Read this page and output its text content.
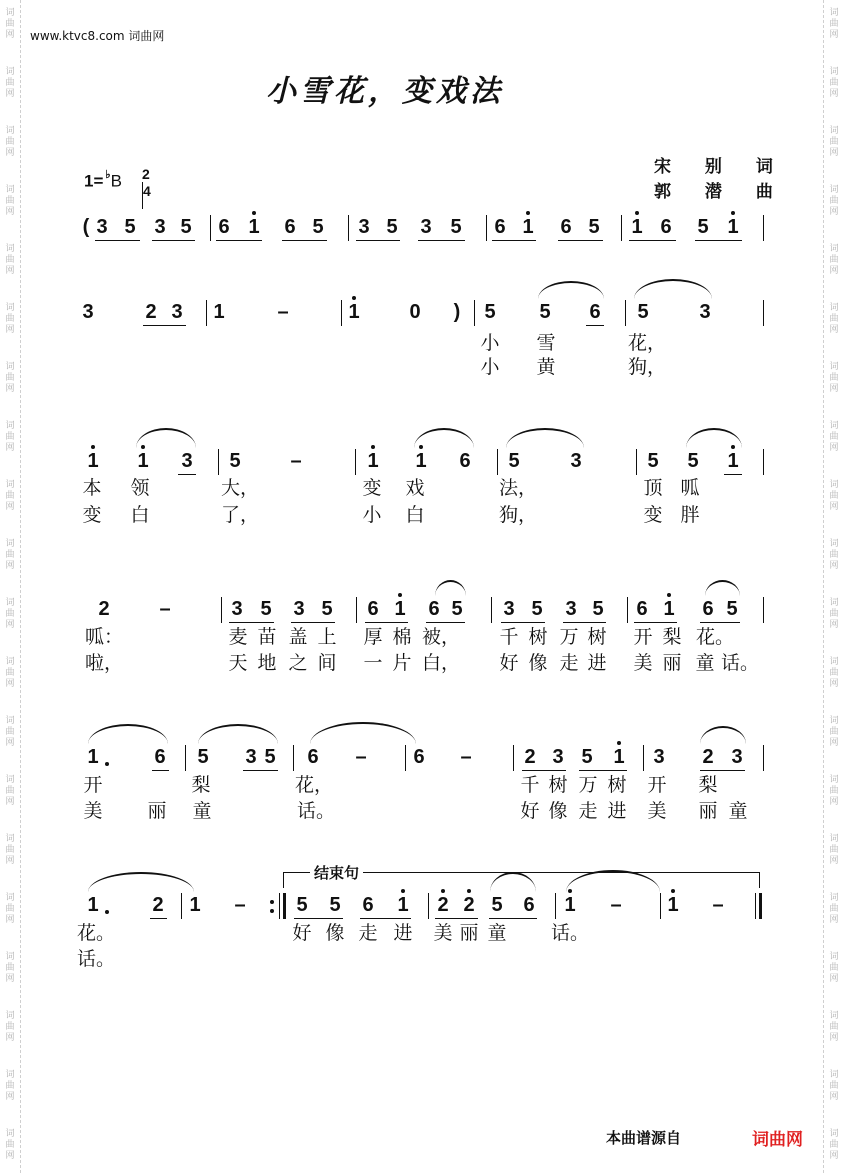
词
曲
网
词
曲
网
词
曲
网
词
曲
网
词
曲
网
词
曲
网
词
曲
网
词
曲
网
词
曲
网
词
曲
网
词
曲
网
词
曲
网
词
曲
网
词
曲
网
词
曲
网
词
曲
网
词
曲
网
词
曲
网
词
曲
网
词
曲
网
词
曲
网
词
曲
网
词
曲
网
词
曲
网
词
曲
网
词
曲
网
词
曲
网
词
曲
网
词
曲
网
词
曲
网
词
曲
网
词
曲
网
词
曲
网
词
曲
网
词
曲
网
词
曲
网
词
曲
网
词
曲
网
词
曲
网
词
曲
网
www.ktvc8.com 词曲网
小雪花，变戏法
宋 别 词
郭 潜 曲
$1= ^♭B \frac{2}{4}$
( 3 5 3 5 6 1 6 5 3 5 3 5 6 1 6 5 1 6 5 1
3	2 3 1	–	1 0 ) 5 5 6 5	3
1 1 3 5 –	1 1 6 5	3	5 5 1
2 –	3 5 3 5 6 1 6 5 3 5 3 5 6 1 6 5
1	6 5 3 5 6 – 6 –	2 3 5 1 3 2 3
1	2 1 –	5 5 6 1 2 2 5 6 1 – 1 –
小 雪	花，
小 黄	狗，
本 领	大，	变 戏	法，	顶 呱
变 白	了，	小 白	狗，	变 胖
呱：	麦 苗 盖 上 厚 棉 被， 千 树 万 树 开 梨 花。
啦，	天 地 之 间 一 片 白， 好 像 走 进 美 丽 童 话。
开	梨	花，	千 树 万 树 开 梨
美 丽 童	话。	好 像 走 进 美 丽 童
花。	好 像 走 进 美 丽 童 话。
话。
结束句
本曲谱源自	词曲网
